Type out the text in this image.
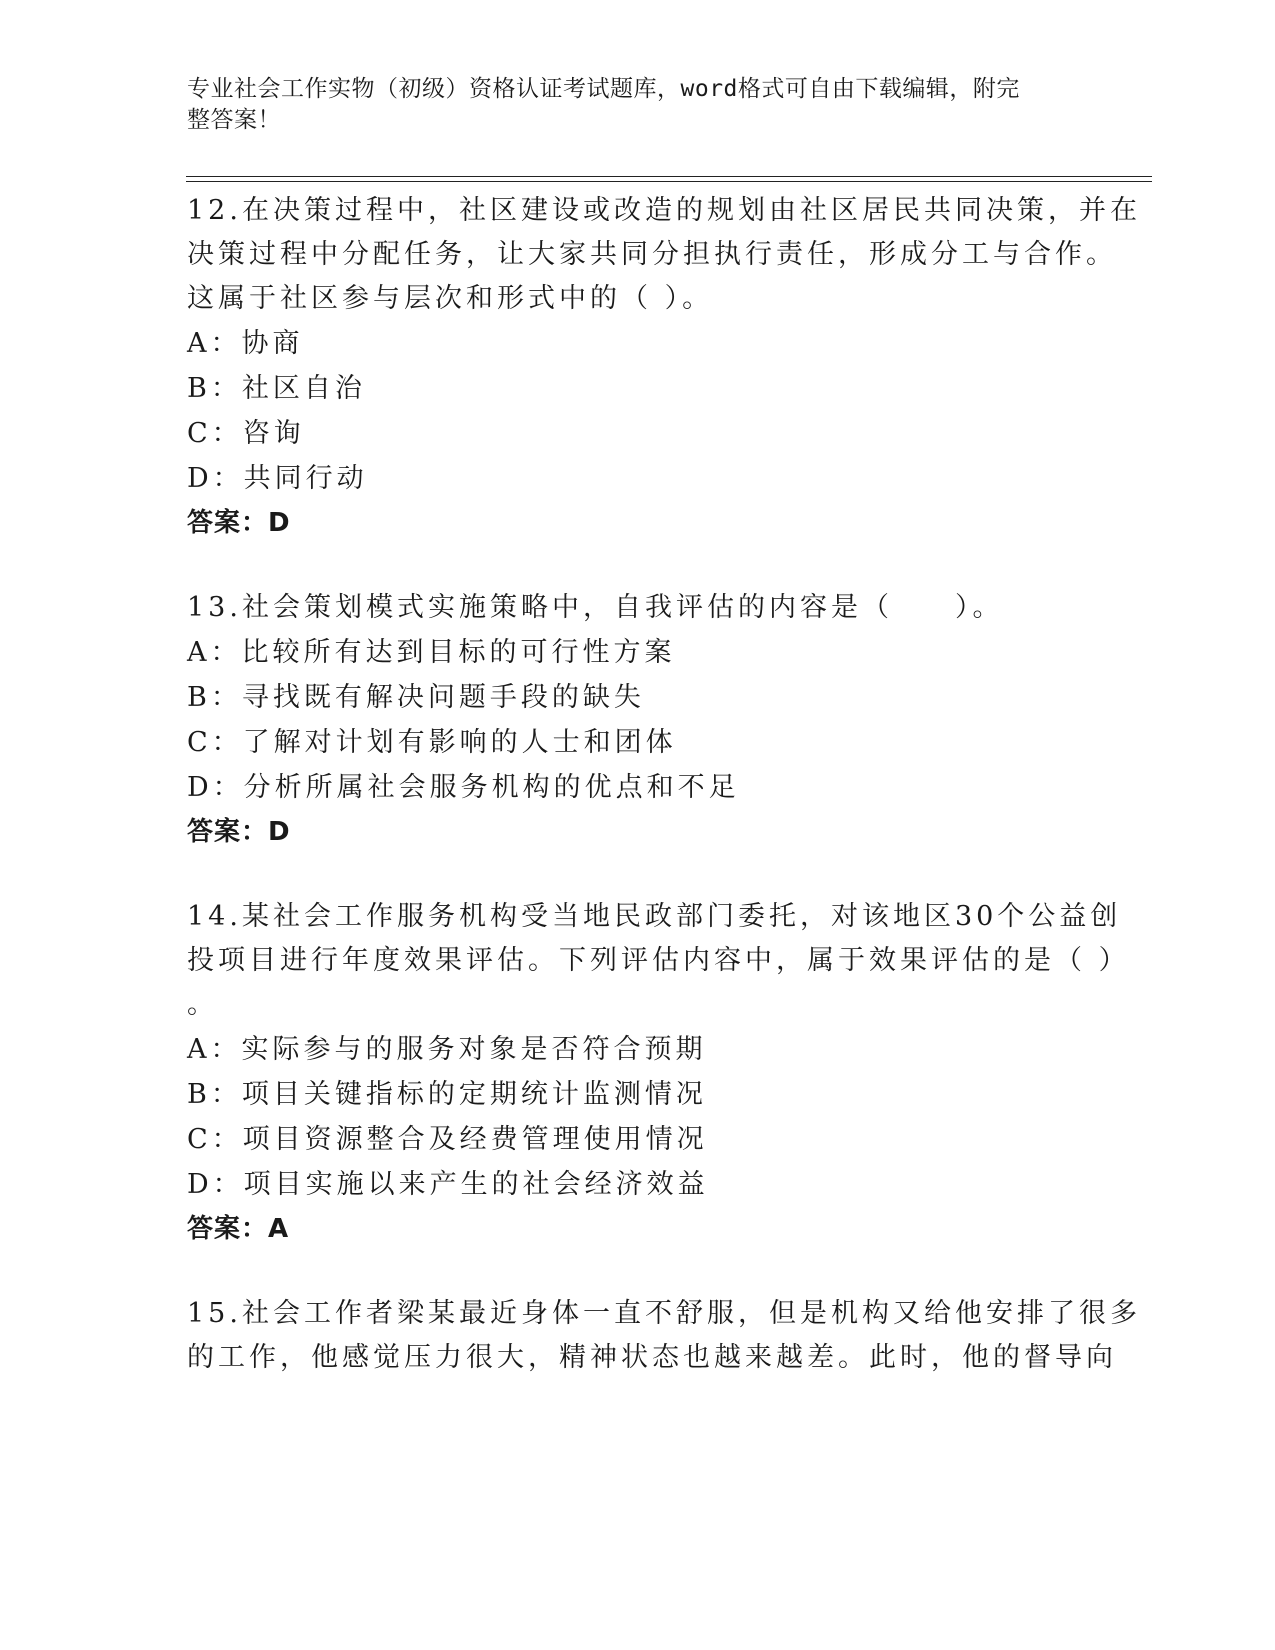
专业社会工作实物（初级）资格认证考试题库，word格式可自由下载编辑，附完
整答案！
12.在决策过程中，社区建设或改造的规划由社区居民共同决策，并在
决策过程中分配任务，让大家共同分担执行责任，形成分工与合作。
这属于社区参与层次和形式中的（ ）。
A：协商
B：社区自治
C：咨询
D：共同行动
答案：D
13.社会策划模式实施策略中，自我评估的内容是（　　）。
A：比较所有达到目标的可行性方案
B：寻找既有解决问题手段的缺失
C：了解对计划有影响的人士和团体
D：分析所属社会服务机构的优点和不足
答案：D
14.某社会工作服务机构受当地民政部门委托，对该地区30个公益创
投项目进行年度效果评估。下列评估内容中，属于效果评估的是（ ）
。
A：实际参与的服务对象是否符合预期
B：项目关键指标的定期统计监测情况
C：项目资源整合及经费管理使用情况
D：项目实施以来产生的社会经济效益
答案：A
15.社会工作者梁某最近身体一直不舒服，但是机构又给他安排了很多
的工作，他感觉压力很大，精神状态也越来越差。此时，他的督导向
